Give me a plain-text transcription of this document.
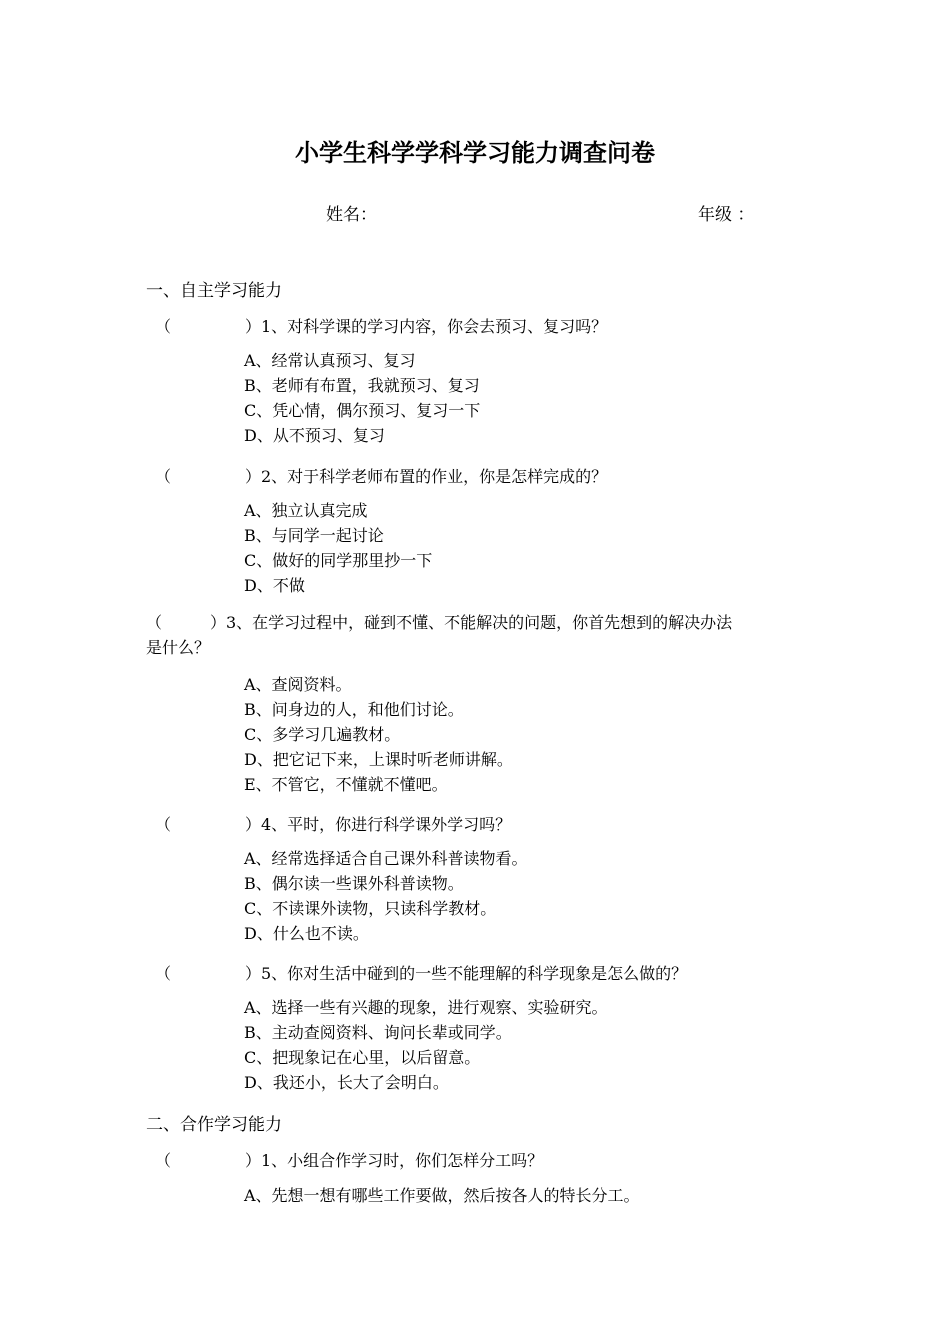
小学生科学学科学习能力调查问卷
姓名：	年级 ：
一、自主学习能力
（	）1、对科学课的学习内容，你会去预习、复习吗？
A、经常认真预习、复习
B、老师有布置，我就预习、复习
C、凭心情，偶尔预习、复习一下
D、从不预习、复习
（	）2、对于科学老师布置的作业，你是怎样完成的？
A、独立认真完成
B、与同学一起讨论
C、做好的同学那里抄一下
D、不做
（　　　）3、在学习过程中，碰到不懂、不能解决的问题，你首先想到的解决办法
是什么？
A、查阅资料。
B、问身边的人，和他们讨论。
C、多学习几遍教材。
D、把它记下来，上课时听老师讲解。
E、不管它，不懂就不懂吧。
（	）4、平时，你进行科学课外学习吗？
A、经常选择适合自己课外科普读物看。
B、偶尔读一些课外科普读物。
C、不读课外读物，只读科学教材。
D、什么也不读。
（	）5、你对生活中碰到的一些不能理解的科学现象是怎么做的？
A、选择一些有兴趣的现象，进行观察、实验研究。
B、主动查阅资料、询问长辈或同学。
C、把现象记在心里，以后留意。
D、我还小，长大了会明白。
二、合作学习能力
（	）1、小组合作学习时，你们怎样分工吗？
A、先想一想有哪些工作要做，然后按各人的特长分工。
